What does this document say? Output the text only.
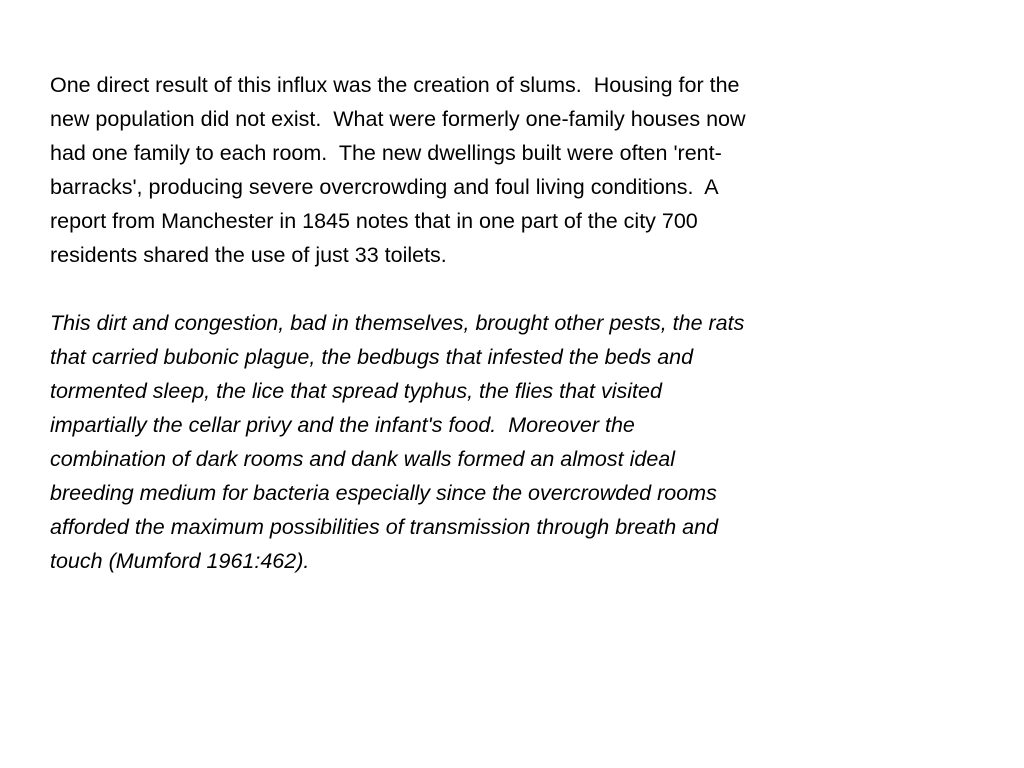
One direct result of this influx was the creation of slums.  Housing for the
new population did not exist.  What were formerly one-family houses now
had one family to each room.  The new dwellings built were often 'rent-
barracks', producing severe overcrowding and foul living conditions.  A
report from Manchester in 1845 notes that in one part of the city 700
residents shared the use of just 33 toilets.
This dirt and congestion, bad in themselves, brought other pests, the rats
that carried bubonic plague, the bedbugs that infested the beds and
tormented sleep, the lice that spread typhus, the flies that visited
impartially the cellar privy and the infant's food.  Moreover the
combination of dark rooms and dank walls formed an almost ideal
breeding medium for bacteria especially since the overcrowded rooms
afforded the maximum possibilities of transmission through breath and
touch (Mumford 1961:462).
